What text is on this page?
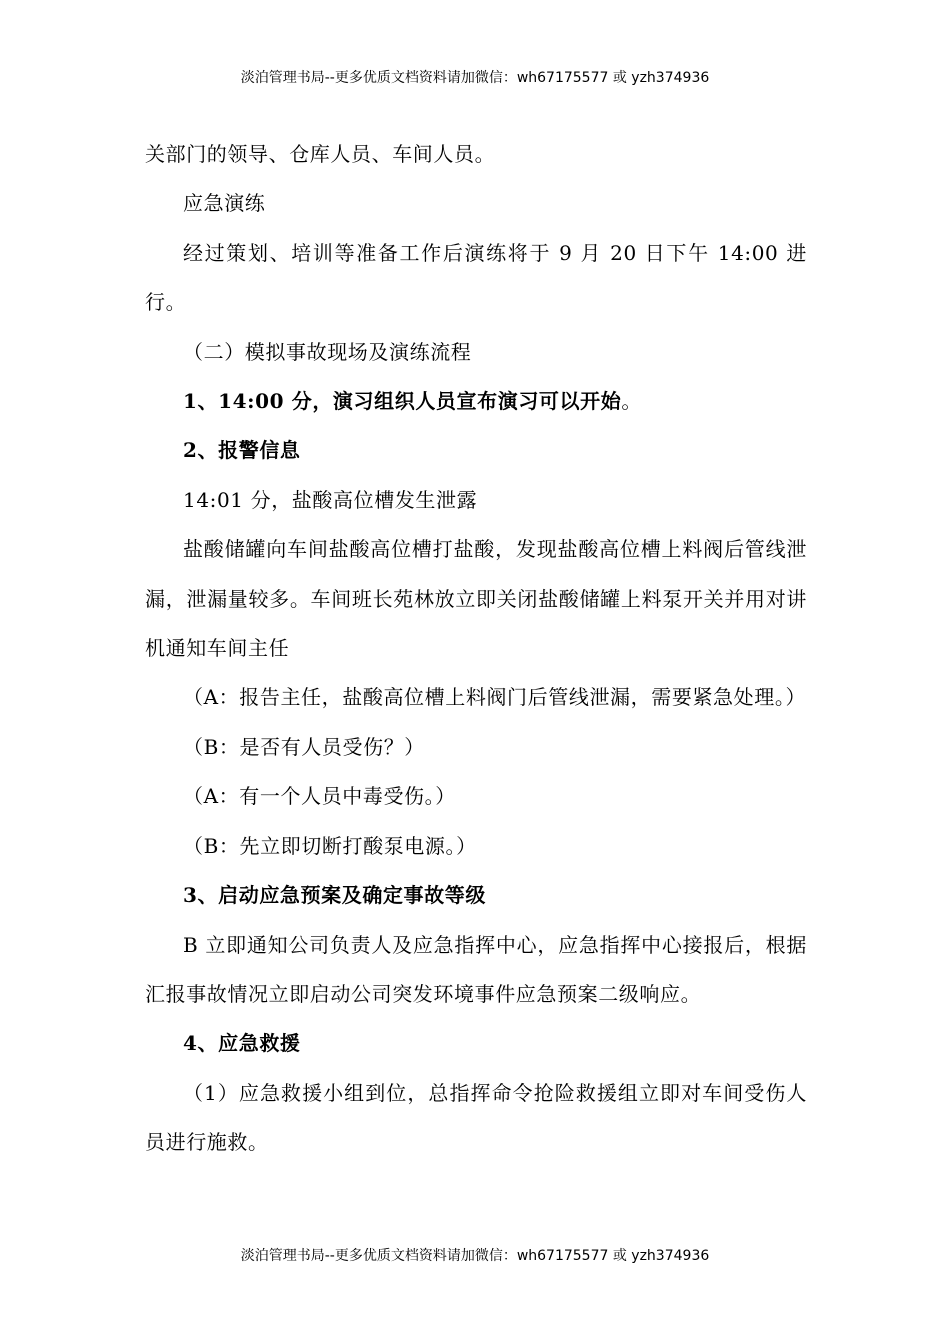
淡泊管理书局--更多优质文档资料请加微信：wh67175577 或 yzh374936

关部门的领导、仓库人员、车间人员。

应急演练

经过策划、培训等准备工作后演练将于 9 月 20 日下午 14:00 进行。

（二）模拟事故现场及演练流程

1、14:00 分，演习组织人员宣布演习可以开始。

2、报警信息

14:01 分，盐酸高位槽发生泄露

盐酸储罐向车间盐酸高位槽打盐酸，发现盐酸高位槽上料阀后管线泄漏，泄漏量较多。车间班长苑林放立即关闭盐酸储罐上料泵开关并用对讲机通知车间主任

（A：报告主任，盐酸高位槽上料阀门后管线泄漏，需要紧急处理。）

（B：是否有人员受伤？）

（A：有一个人员中毒受伤。）

（B：先立即切断打酸泵电源。）

3、启动应急预案及确定事故等级

B 立即通知公司负责人及应急指挥中心，应急指挥中心接报后，根据汇报事故情况立即启动公司突发环境事件应急预案二级响应。

4、应急救援

（1）应急救援小组到位，总指挥命令抢险救援组立即对车间受伤人员进行施救。

淡泊管理书局--更多优质文档资料请加微信：wh67175577 或 yzh374936
